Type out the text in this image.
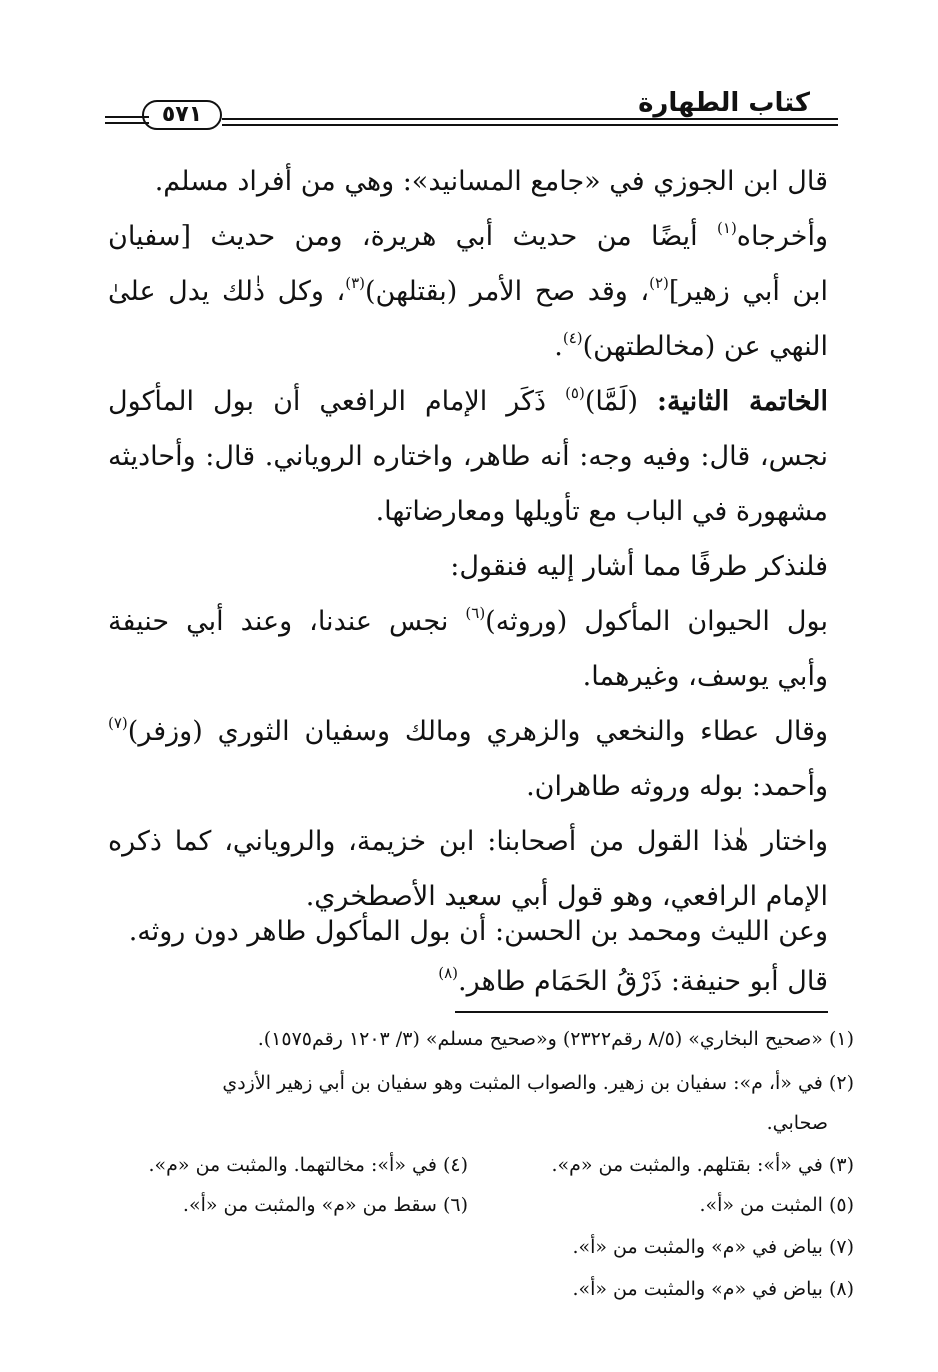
كتاب الطهارة
٥٧١
قال ابن الجوزي في «جامع المسانيد»: وهي من أفراد مسلم.
وأخرجاه$^{(١)}$ أيضًا من حديث أبي هريرة، ومن حديث [سفيان
ابن أبي زهير]$^{(٢)}$، وقد صح الأمر (بقتلهن)$^{(٣)}$، وكل ذٰلك يدل علىٰ
النهي عن (مخالطتهن)$^{(٤)}$.
الخاتمة الثانية: (لَمَّا)$^{(٥)}$ ذَكَر الإمام الرافعي أن بول المأكول
نجس، قال: وفيه وجه: أنه طاهر، واختاره الروياني. قال: وأحاديثه
مشهورة في الباب مع تأويلها ومعارضاتها.
فلنذكر طرفًا مما أشار إليه فنقول:
بول الحيوان المأكول (وروثه)$^{(٦)}$ نجس عندنا، وعند أبي حنيفة
وأبي يوسف، وغيرهما.
وقال عطاء والنخعي والزهري ومالك وسفيان الثوري (وزفر)$^{(٧)}$
وأحمد: بوله وروثه طاهران.
واختار هٰذا القول من أصحابنا: ابن خزيمة، والروياني، كما ذكره
الإمام الرافعي، وهو قول أبي سعيد الأصطخري.
وعن الليث ومحمد بن الحسن: أن بول المأكول طاهر دون روثه.
قال أبو حنيفة: ذَرْقُ الحَمَام طاهر.$^{(٨)}$
(١) «صحيح البخاري» (٨/٥ رقم٢٣٢٢) و«صحيح مسلم» (٣/ ١٢٠٣ رقم١٥٧٥).
(٢) في «أ، م»: سفيان بن زهير. والصواب المثبت وهو سفيان بن أبي زهير الأزدي
صحابي.
(٣) في «أ»: بقتلهم. والمثبت من «م».
(٤) في «أ»: مخالتهما. والمثبت من «م».
(٥) المثبت من «أ».
(٦) سقط من «م» والمثبت من «أ».
(٧) بياض في «م» والمثبت من «أ».
(٨) بياض في «م» والمثبت من «أ».
